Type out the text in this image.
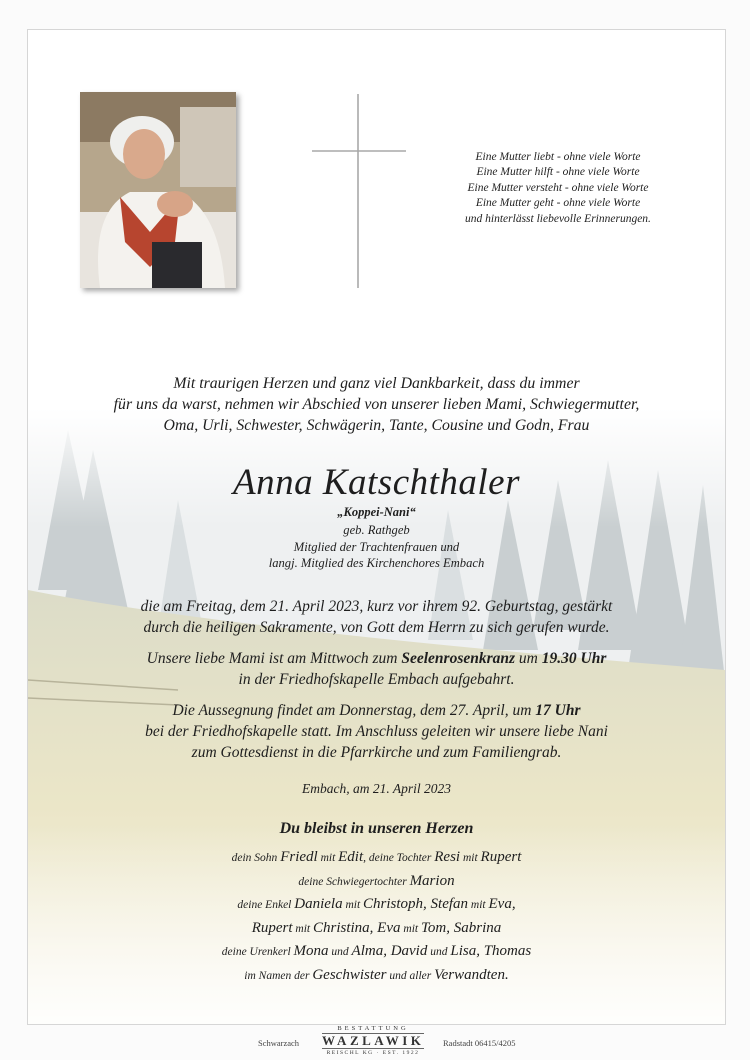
Eine Mutter liebt - ohne viele Worte
Eine Mutter hilft - ohne viele Worte
Eine Mutter versteht - ohne viele Worte
Eine Mutter geht - ohne viele Worte
und hinterlässt liebevolle Erinnerungen.
Mit traurigen Herzen und ganz viel Dankbarkeit, dass du immer
für uns da warst, nehmen wir Abschied von unserer lieben Mami, Schwiegermutter,
Oma, Urli, Schwester, Schwägerin, Tante, Cousine und Godn, Frau
Anna Katschthaler
„Koppei-Nani“
geb. Rathgeb
Mitglied der Trachtenfrauen und
langj. Mitglied des Kirchenchores Embach
die am Freitag, dem 21. April 2023, kurz vor ihrem 92. Geburtstag, gestärkt
durch die heiligen Sakramente, von Gott dem Herrn zu sich gerufen wurde.
Unsere liebe Mami ist am Mittwoch zum Seelenrosenkranz um 19.30 Uhr
in der Friedhofskapelle Embach aufgebahrt.
Die Aussegnung findet am Donnerstag, dem 27. April, um 17 Uhr
bei der Friedhofskapelle statt. Im Anschluss geleiten wir unsere liebe Nani
zum Gottesdienst in die Pfarrkirche und zum Familiengrab.
Embach, am 21. April 2023
Du bleibst in unseren Herzen
dein Sohn Friedl mit Edit, deine Tochter Resi mit Rupert
deine Schwiegertochter Marion
deine Enkel Daniela mit Christoph, Stefan mit Eva,
Rupert mit Christina, Eva mit Tom, Sabrina
deine Urenkerl Mona und Alma, David und Lisa, Thomas
im Namen der Geschwister und aller Verwandten.
Schwarzach
BESTATTUNG
WAZLAWIK
REISCHL KG · EST. 1922
Radstadt 06415/4205
